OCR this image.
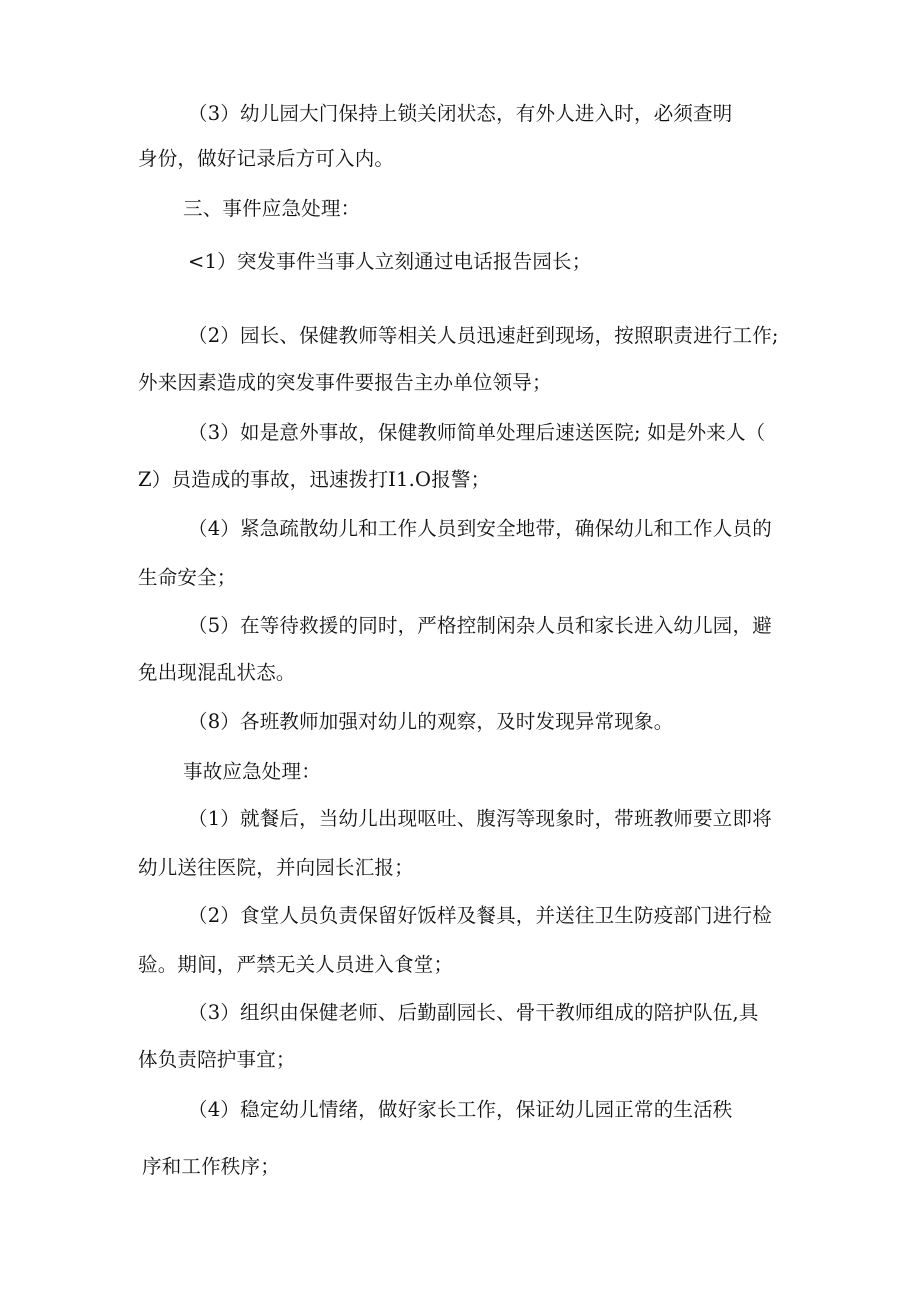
（3）幼儿园大门保持上锁关闭状态，有外人进入时，必须查明

身份，做好记录后方可入内。

三、事件应急处理：

<1）突发事件当事人立刻通过电话报告园长；

（2）园长、保健教师等相关人员迅速赶到现场，按照职责进行工作;

外来因素造成的突发事件要报告主办单位领导；

（3）如是意外事故，保健教师简单处理后速送医院; 如是外来人（

Z）员造成的事故，迅速拨打I1.O报警；

（4）紧急疏散幼儿和工作人员到安全地带，确保幼儿和工作人员的

生命安全；

（5）在等待救援的同时，严格控制闲杂人员和家长进入幼儿园，避

免出现混乱状态。

（8）各班教师加强对幼儿的观察，及时发现异常现象。

事故应急处理：

（1）就餐后，当幼儿出现呕吐、腹泻等现象时，带班教师要立即将

幼儿送往医院，并向园长汇报；

（2）食堂人员负责保留好饭样及餐具，并送往卫生防疫部门进行检

验。期间，严禁无关人员进入食堂；

（3）组织由保健老师、后勤副园长、骨干教师组成的陪护队伍,具

体负责陪护事宜；

（4）稳定幼儿情绪，做好家长工作，保证幼儿园正常的生活秩

序和工作秩序；
